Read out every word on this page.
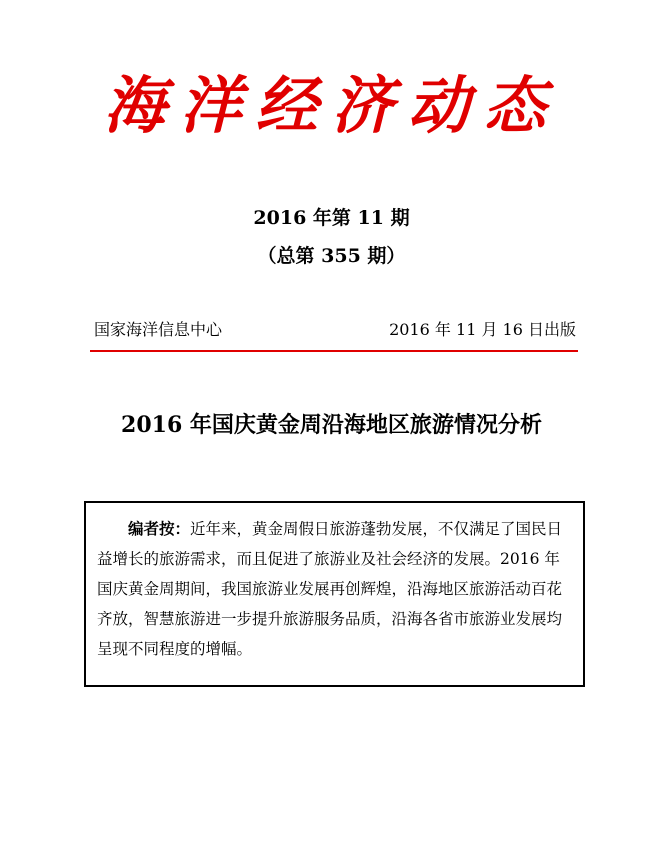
海洋经济动态
2016 年第 11 期
（总第 355 期）
国家海洋信息中心	2016 年 11 月 16 日出版
2016 年国庆黄金周沿海地区旅游情况分析
　　编者按：近年来，黄金周假日旅游蓬勃发展，不仅满足了国民日
益增长的旅游需求，而且促进了旅游业及社会经济的发展。2016 年
国庆黄金周期间，我国旅游业发展再创辉煌，沿海地区旅游活动百花
齐放，智慧旅游进一步提升旅游服务品质，沿海各省市旅游业发展均
呈现不同程度的增幅。
